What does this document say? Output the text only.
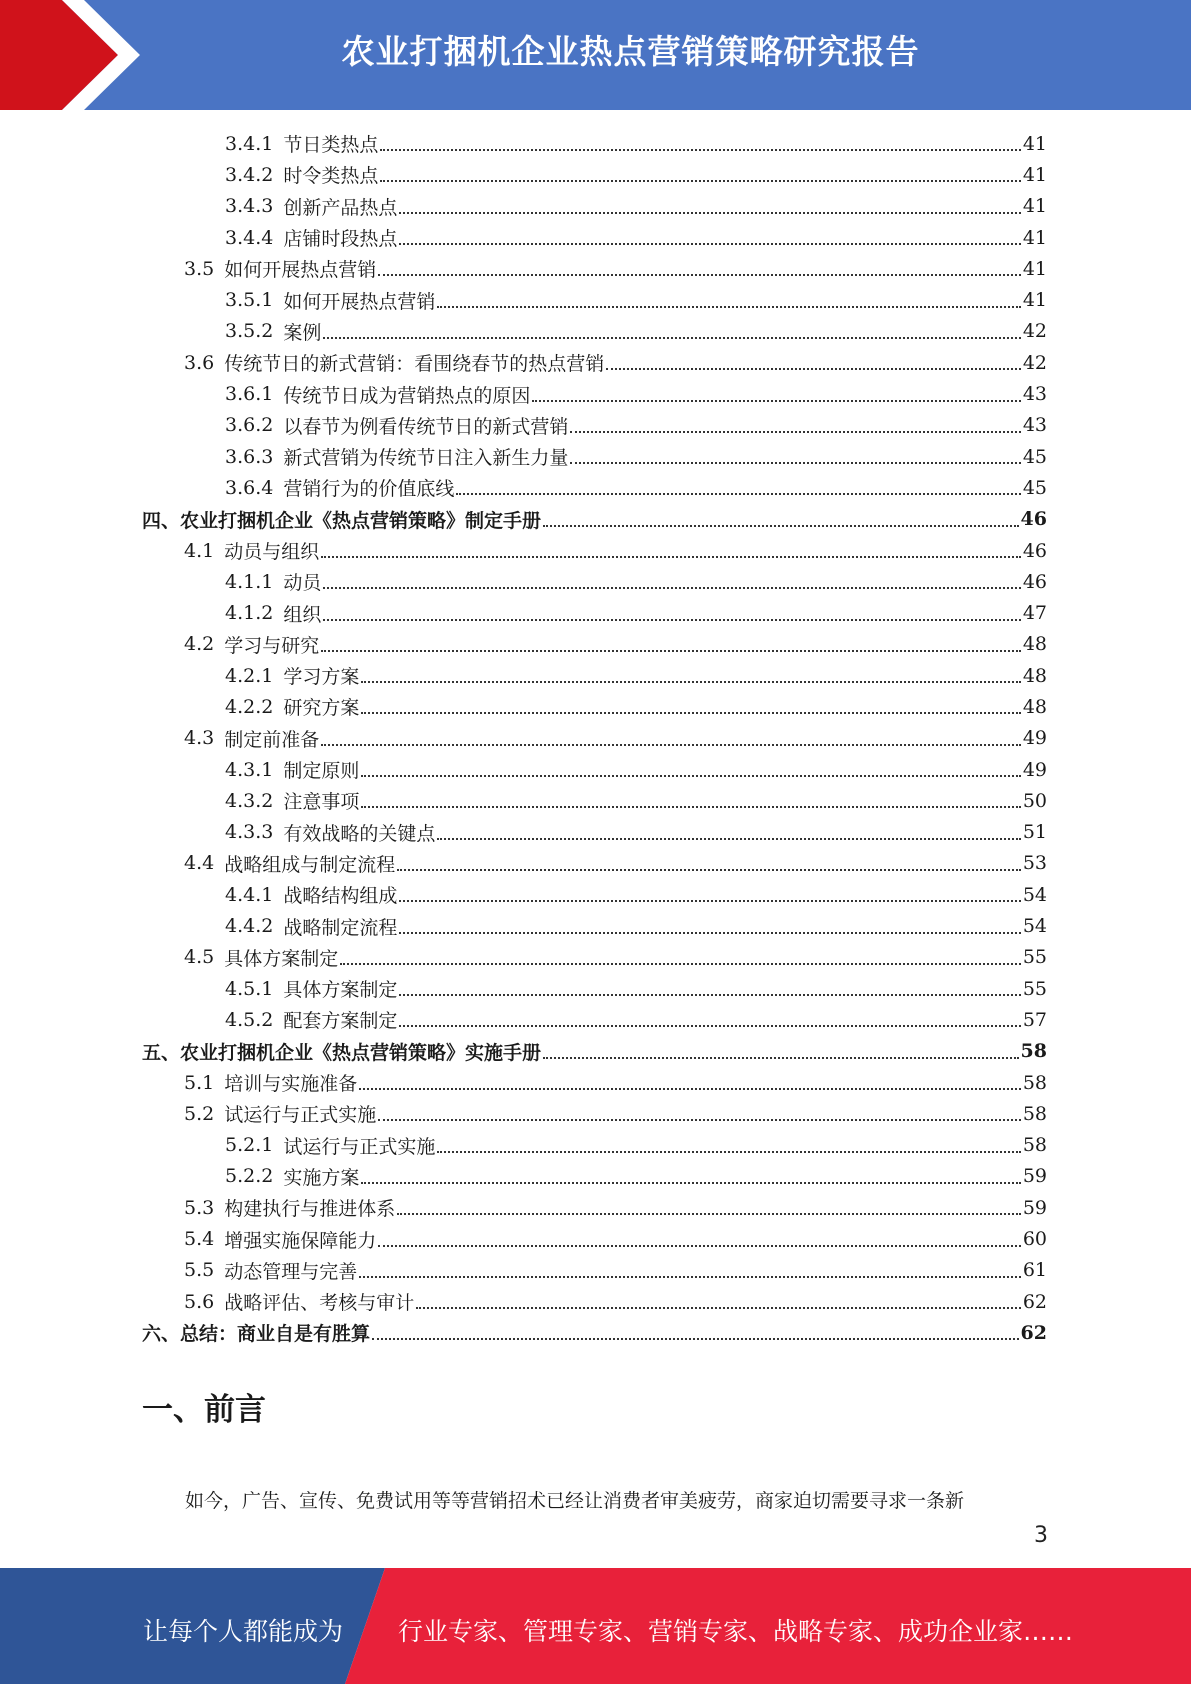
农业打捆机企业热点营销策略研究报告
3.4.1 节日类热点	41
3.4.2 时令类热点	41
3.4.3 创新产品热点	41
3.4.4 店铺时段热点	41
3.5 如何开展热点营销	41
3.5.1 如何开展热点营销	41
3.5.2 案例	42
3.6 传统节日的新式营销：看围绕春节的热点营销	42
3.6.1 传统节日成为营销热点的原因	43
3.6.2 以春节为例看传统节日的新式营销	43
3.6.3 新式营销为传统节日注入新生力量	45
3.6.4 营销行为的价值底线	45
四、农业打捆机企业《热点营销策略》制定手册	46
4.1 动员与组织	46
4.1.1 动员	46
4.1.2 组织	47
4.2 学习与研究	48
4.2.1 学习方案	48
4.2.2 研究方案	48
4.3 制定前准备	49
4.3.1 制定原则	49
4.3.2 注意事项	50
4.3.3 有效战略的关键点	51
4.4 战略组成与制定流程	53
4.4.1 战略结构组成	54
4.4.2 战略制定流程	54
4.5 具体方案制定	55
4.5.1 具体方案制定	55
4.5.2 配套方案制定	57
五、农业打捆机企业《热点营销策略》实施手册	58
5.1 培训与实施准备	58
5.2 试运行与正式实施	58
5.2.1 试运行与正式实施	58
5.2.2 实施方案	59
5.3 构建执行与推进体系	59
5.4 增强实施保障能力	60
5.5 动态管理与完善	61
5.6 战略评估、考核与审计	62
六、总结：商业自是有胜算	62
一、前言
如今，广告、宣传、免费试用等等营销招术已经让消费者审美疲劳，商家迫切需要寻求一条新
3
让每个人都能成为 行业专家、管理专家、营销专家、战略专家、成功企业家……
